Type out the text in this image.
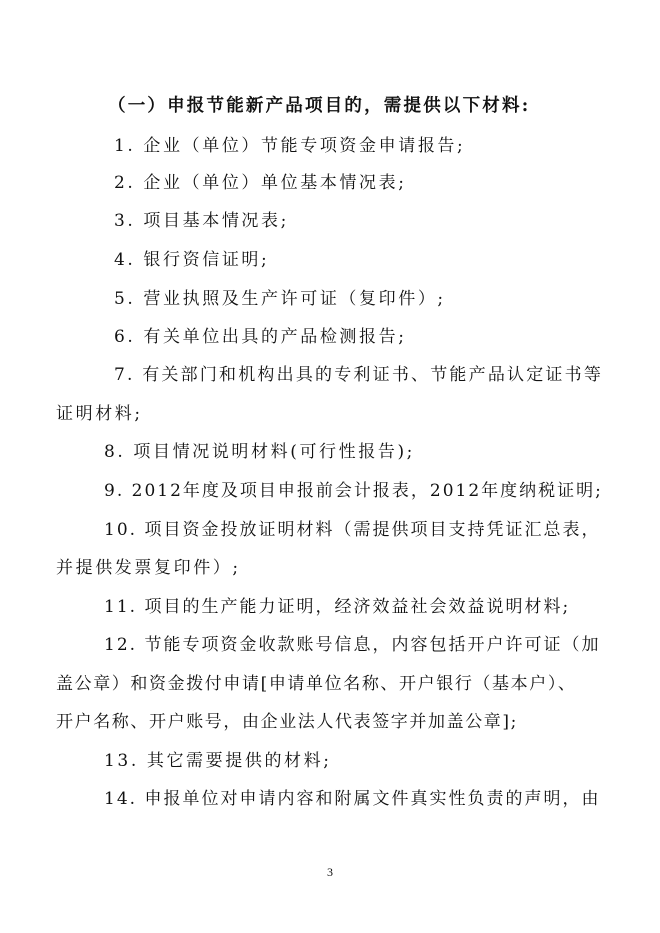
（一）申报节能新产品项目的，需提供以下材料:
1. 企业（单位）节能专项资金申请报告;
2. 企业（单位）单位基本情况表;
3. 项目基本情况表;
4. 银行资信证明;
5. 营业执照及生产许可证（复印件）;
6. 有关单位出具的产品检测报告;
7. 有关部门和机构出具的专利证书、节能产品认定证书等
证明材料;
8. 项目情况说明材料(可行性报告);
9. 2012年度及项目申报前会计报表，2012年度纳税证明;
10. 项目资金投放证明材料（需提供项目支持凭证汇总表，
并提供发票复印件）;
11. 项目的生产能力证明，经济效益社会效益说明材料;
12. 节能专项资金收款账号信息，内容包括开户许可证（加
盖公章）和资金拨付申请[申请单位名称、开户银行（基本户）、
开户名称、开户账号，由企业法人代表签字并加盖公章];
13. 其它需要提供的材料;
14. 申报单位对申请内容和附属文件真实性负责的声明，由
3
